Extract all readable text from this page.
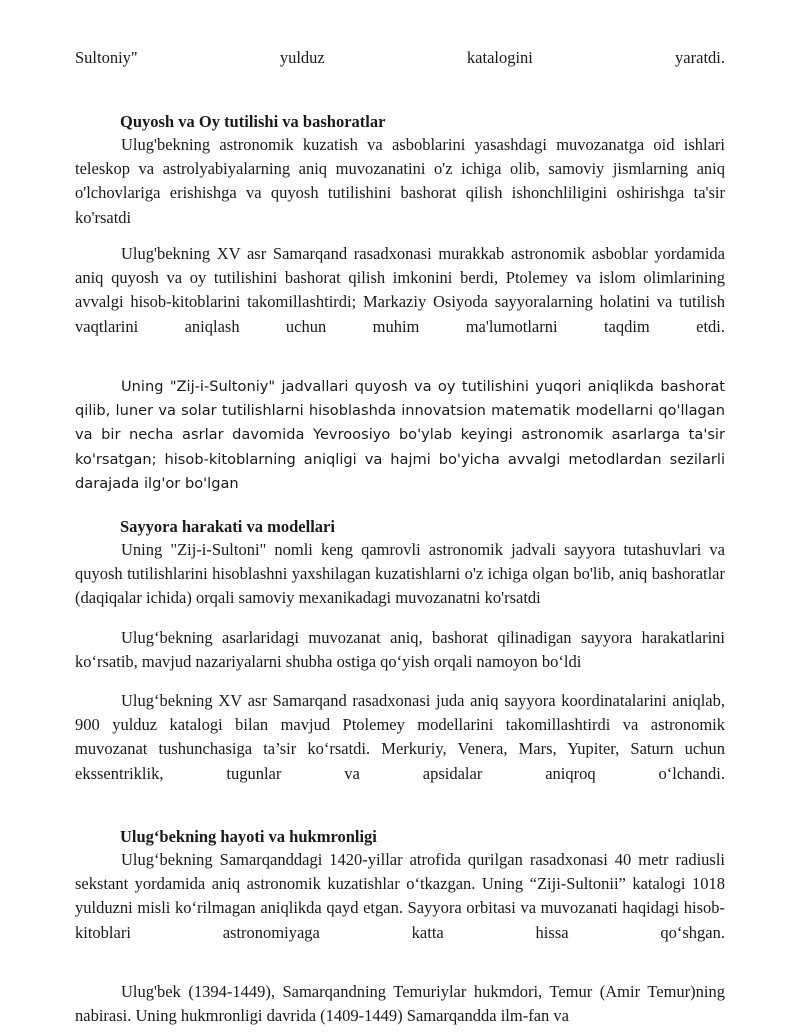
Sultoniy"	yulduz	katalogini	yaratdi.
Quyosh va Oy tutilishi va bashoratlar

Ulug'bekning astronomik kuzatish va asboblarini yasashdagi muvozanatga oid ishlari teleskop va astrolyabiyalarning aniq muvozanatini o'z ichiga olib, samoviy jismlarning aniq o'lchovlariga erishishga va quyosh tutilishini bashorat qilish ishonchliligini oshirishga ta'sir ko'rsatdi

Ulug'bekning XV asr Samarqand rasadxonasi murakkab astronomik asboblar yordamida aniq quyosh va oy tutilishini bashorat qilish imkonini berdi, Ptolemey va islom olimlarining avvalgi hisob-kitoblarini takomillashtirdi; Markaziy Osiyoda sayyoralarning holatini va tutilish vaqtlarini aniqlash uchun muhim ma'lumotlarni taqdim etdi.

Uning "Zij-i-Sultoniy" jadvallari quyosh va oy tutilishini yuqori aniqlikda bashorat qilib, luner va solar tutilishlarni hisoblashda innovatsion matematik modellarni qo'llagan va bir necha asrlar davomida Yevroosiyo bo'ylab keyingi astronomik asarlarga ta'sir ko'rsatgan; hisob-kitoblarning aniqligi va hajmi bo'yicha avvalgi metodlardan sezilarli darajada ilg'or bo'lgan

Sayyora harakati va modellari

Uning "Zij-i-Sultoni" nomli keng qamrovli astronomik jadvali sayyora tutashuvlari va quyosh tutilishlarini hisoblashni yaxshilagan kuzatishlarni o'z ichiga olgan bo'lib, aniq bashoratlar (daqiqalar ichida) orqali samoviy mexanikadagi muvozanatni ko'rsatdi

Ulug‘bekning asarlaridagi muvozanat aniq, bashorat qilinadigan sayyora harakatlarini ko‘rsatib, mavjud nazariyalarni shubha ostiga qo‘yish orqali namoyon bo‘ldi

Ulug‘bekning XV asr Samarqand rasadxonasi juda aniq sayyora koordinatalarini aniqlab, 900 yulduz katalogi bilan mavjud Ptolemey modellarini takomillashtirdi va astronomik muvozanat tushunchasiga ta’sir ko‘rsatdi. Merkuriy, Venera, Mars, Yupiter, Saturn uchun ekssentriklik, tugunlar va apsidalar aniqroq o‘lchandi.

Ulug‘bekning hayoti va hukmronligi

Ulug‘bekning Samarqanddagi 1420-yillar atrofida qurilgan rasadxonasi 40 metr radiusli sekstant yordamida aniq astronomik kuzatishlar o‘tkazgan. Uning “Ziji-Sultonii” katalogi 1018 yulduzni misli ko‘rilmagan aniqlikda qayd etgan. Sayyora orbitasi va muvozanati haqidagi hisob-kitoblari astronomiyaga katta hissa qo‘shgan.

Ulug'bek (1394-1449), Samarqandning Temuriylar hukmdori, Temur (Amir Temur)ning nabirasi. Uning hukmronligi davrida (1409-1449) Samarqandda ilm-fan va
